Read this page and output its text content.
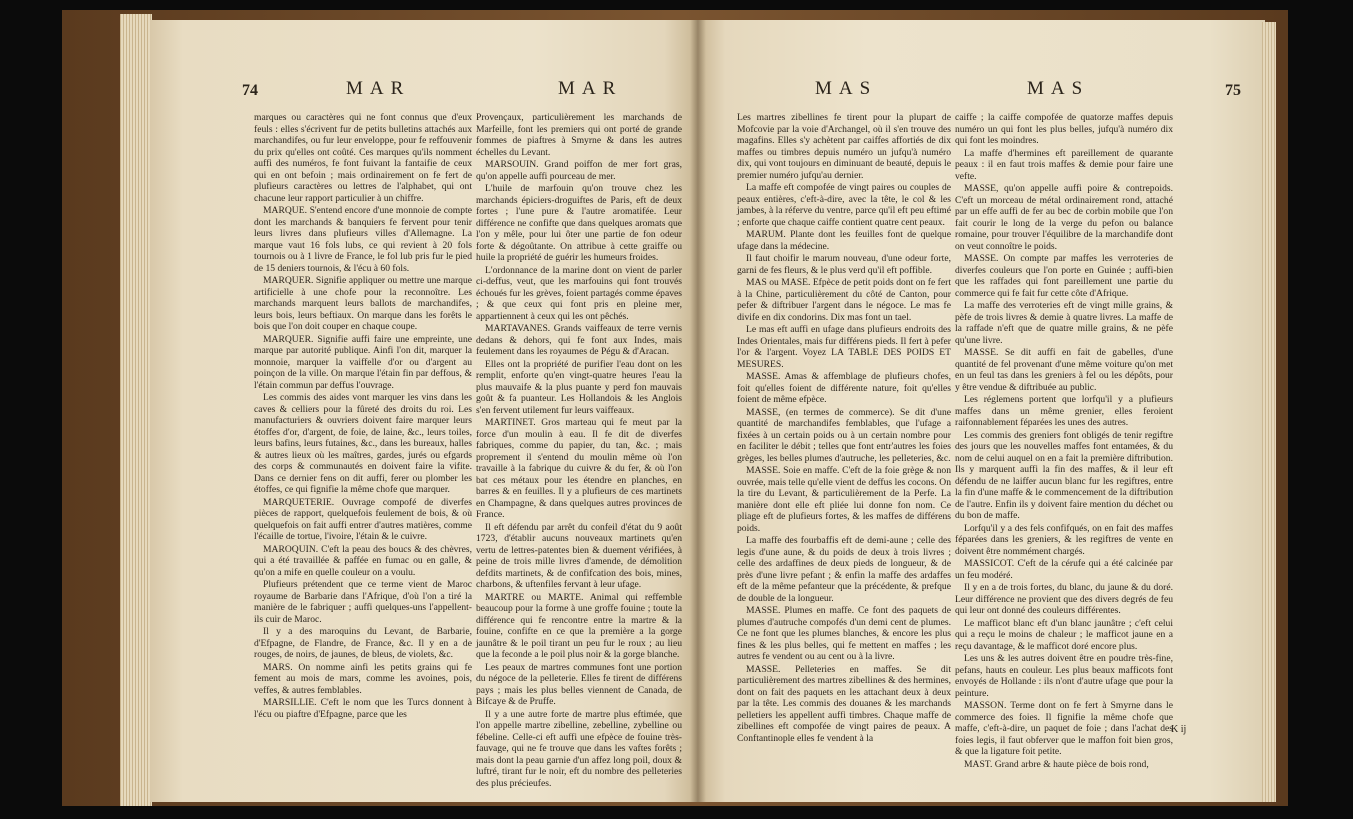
74	MAR	MAR

marques ou caractères qui ne font connus que d'eux feuls : elles s'écrivent fur de petits bulletins attachés aux marchandifes, ou fur leur enveloppe, pour fe reffouvenir du prix qu'elles ont coûté. Ces marques qu'ils nomment auffi des numéros, fe font fuivant la fantaifie de ceux qui en ont befoin ; mais ordinairement on fe fert de plufieurs caractères ou lettres de l'alphabet, qui ont chacune leur rapport particulier à un chiffre.

MARQUE. S'entend encore d'une monnoie de compte dont les marchands & banquiers fe fervent pour tenir leurs livres dans plufieurs villes d'Allemagne. La marque vaut 16 fols lubs, ce qui revient à 20 fols tournois ou à 1 livre de France, le fol lub pris fur le pied de 15 deniers tournois, & l'écu à 60 fols.

MARQUER. Signifie appliquer ou mettre une marque artificielle à une chofe pour la reconnoître. Les marchands marquent leurs ballots de marchandifes, leurs bois, leurs beftiaux. On marque dans les forêts le bois que l'on doit couper en chaque coupe.

MARQUER. Signifie auffi faire une empreinte, une marque par autorité publique. Ainfi l'on dit, marquer la monnoie, marquer la vaiffelle d'or ou d'argent au poinçon de la ville. On marque l'étain fin par deffous, & l'étain commun par deffus l'ouvrage.

Les commis des aides vont marquer les vins dans les caves & celliers pour la fûreté des droits du roi. Les manufacturiers & ouvriers doivent faire marquer leurs étoffes d'or, d'argent, de foie, de laine, &c., leurs toiles, leurs bafins, leurs futaines, &c., dans les bureaux, halles & autres lieux où les maîtres, gardes, jurés ou efgards des corps & communautés en doivent faire la vifite. Dans ce dernier fens on dit auffi, ferer ou plomber les étoffes, ce qui fignifie la même chofe que marquer.

MARQUETERIE. Ouvrage compofé de diverfes pièces de rapport, quelquefois feulement de bois, & où quelquefois on fait auffi entrer d'autres matières, comme l'écaille de tortue, l'ivoire, l'étain & le cuivre.

MAROQUIN. C'eft la peau des boucs & des chèvres, qui a été travaillée & paffée en fumac ou en galle, & qu'on a mife en quelle couleur on a voulu.

Plufieurs prétendent que ce terme vient de Maroc royaume de Barbarie dans l'Afrique, d'où l'on a tiré la manière de le fabriquer ; auffi quelques-uns l'appellent-ils cuir de Maroc.

Il y a des maroquins du Levant, de Barbarie, d'Efpagne, de Flandre, de France, &c. Il y en a de rouges, de noirs, de jaunes, de bleus, de violets, &c.

MARS. On nomme ainfi les petits grains qui fe fement au mois de mars, comme les avoines, pois, veffes, & autres femblables.

MARSILLIE. C'eft le nom que les Turcs donnent à l'écu ou piaftre d'Efpagne, parce que les

Provençaux, particulièrement les marchands de Marfeille, font les premiers qui ont porté de grande fommes de piaftres à Smyrne & dans les autres échelles du Levant.

MARSOUIN. Grand poiffon de mer fort gras, qu'on appelle auffi pourceau de mer.

L'huile de marfouin qu'on trouve chez les marchands épiciers-droguiftes de Paris, eft de deux fortes ; l'une pure & l'autre aromatifée. Leur différence ne confifte que dans quelques aromats que l'on y mêle, pour lui ôter une partie de fon odeur forte & dégoûtante. On attribue à cette graiffe ou huile la propriété de guérir les humeurs froides.

L'ordonnance de la marine dont on vient de parler ci-deffus, veut, que les marfouins qui font trouvés échoués fur les grèves, foient partagés comme épaves ; & que ceux qui font pris en pleine mer, appartiennent à ceux qui les ont pêchés.

MARTAVANES. Grands vaiffeaux de terre vernis dedans & dehors, qui fe font aux Indes, mais feulement dans les royaumes de Pégu & d'Aracan.

Elles ont la propriété de purifier l'eau dont on les remplit, enforte qu'en vingt-quatre heures l'eau la plus mauvaife & la plus puante y perd fon mauvais goût & fa puanteur. Les Hollandois & les Anglois s'en fervent utilement fur leurs vaiffeaux.

MARTINET. Gros marteau qui fe meut par la force d'un moulin à eau. Il fe dit de diverfes fabriques, comme du papier, du tan, &c. ; mais proprement il s'entend du moulin même où l'on travaille à la fabrique du cuivre & du fer, & où l'on bat ces métaux pour les étendre en planches, en barres & en feuilles. Il y a plufieurs de ces martinets en Champagne, & dans quelques autres provinces de France.

Il eft défendu par arrêt du confeil d'état du 9 août 1723, d'établir aucuns nouveaux martinets qu'en vertu de lettres-patentes bien & duement vérifiées, à peine de trois mille livres d'amende, de démolition defdits martinets, & de confifcation des bois, mines, charbons, & uftenfiles fervant à leur ufage.

MARTRE ou MARTE. Animal qui reffemble beaucoup pour la forme à une groffe fouine ; toute la différence qui fe rencontre entre la martre & la fouine, confifte en ce que la première a la gorge jaunâtre & le poil tirant un peu fur le roux ; au lieu que la feconde a le poil plus noir & la gorge blanche.

Les peaux de martres communes font une portion du négoce de la pelleterie. Elles fe tirent de différens pays ; mais les plus belles viennent de Canada, de Bifcaye & de Pruffe.

Il y a une autre forte de martre plus eftimée, que l'on appelle martre zibelline, zebelline, zybelline ou fébeline. Celle-ci eft auffi une efpèce de fouine très-fauvage, qui ne fe trouve que dans les vaftes forêts ; mais dont la peau garnie d'un affez long poil, doux & luftré, tirant fur le noir, eft du nombre des pelleteries des plus précieufes.

MAS	MAS	75

Les martres zibellines fe tirent pour la plupart de Mofcovie par la voie d'Archangel, où il s'en trouve des magafins. Elles s'y achètent par caiffes affortiés de dix maffes ou timbres depuis numéro un jufqu'à numéro dix, qui vont toujours en diminuant de beauté, depuis le premier numéro jufqu'au dernier.

La maffe eft compofée de vingt paires ou couples de peaux entières, c'eft-à-dire, avec la tête, le col & les jambes, à la réferve du ventre, parce qu'il eft peu eftimé ; enforte que chaque caiffe contient quatre cent peaux.

MARUM. Plante dont les feuilles font de quelque ufage dans la médecine.

Il faut choifir le marum nouveau, d'une odeur forte, garni de fes fleurs, & le plus verd qu'il eft poffible.

MAS ou MASE. Efpèce de petit poids dont on fe fert à la Chine, particulièrement du côté de Canton, pour pefer & diftribuer l'argent dans le négoce. Le mas fe divife en dix condorins. Dix mas font un tael.

Le mas eft auffi en ufage dans plufieurs endroits des Indes Orientales, mais fur différens pieds. Il fert à pefer l'or & l'argent. Voyez LA TABLE DES POIDS ET MESURES.

MASSE. Amas & affemblage de plufieurs chofes, foit qu'elles foient de différente nature, foit qu'elles foient de même efpèce.

MASSE, (en termes de commerce). Se dit d'une quantité de marchandifes femblables, que l'ufage a fixées à un certain poids ou à un certain nombre pour en faciliter le débit ; telles que font entr'autres les foies grèges, les belles plumes d'autruche, les pelleteries, &c.

MASSE. Soie en maffe. C'eft de la foie grège & non ouvrée, mais telle qu'elle vient de deffus les cocons. On la tire du Levant, & particulièrement de la Perfe. La manière dont elle eft pliée lui donne fon nom. Ce pliage eft de plufieurs fortes, & les maffes de différens poids.

La maffe des fourbaffis eft de demi-aune ; celle des legis d'une aune, & du poids de deux à trois livres ; celle des ardaffines de deux pieds de longueur, & de près d'une livre pefant ; & enfin la maffe des ardaffes eft de la même pefanteur que la précédente, & prefque de double de la longueur.

MASSE. Plumes en maffe. Ce font des paquets de plumes d'autruche compofés d'un demi cent de plumes. Ce ne font que les plumes blanches, & encore les plus fines & les plus belles, qui fe mettent en maffes ; les autres fe vendent ou au cent ou à la livre.

MASSE. Pelleteries en maffes. Se dit particulièrement des martres zibellines & des hermines, dont on fait des paquets en les attachant deux à deux par la tête. Les commis des douanes & les marchands pelletiers les appellent auffi timbres. Chaque maffe de zibellines eft compofée de vingt paires de peaux. A Conftantinople elles fe vendent à la

caiffe ; la caiffe compofée de quatorze maffes depuis numéro un qui font les plus belles, jufqu'à numéro dix qui font les moindres.

La maffe d'hermines eft pareillement de quarante peaux : il en faut trois maffes & demie pour faire une vefte.

MASSE, qu'on appelle auffi poire & contrepoids. C'eft un morceau de métal ordinairement rond, attaché par un effe auffi de fer au bec de corbin mobile que l'on fait courir le long de la verge du pefon ou balance romaine, pour trouver l'équilibre de la marchandife dont on veut connoître le poids.

MASSE. On compte par maffes les verroteries de diverfes couleurs que l'on porte en Guinée ; auffi-bien que les raffades qui font pareillement une partie du commerce qui fe fait fur cette côte d'Afrique.

La maffe des verroteries eft de vingt mille grains, & pèfe de trois livres & demie à quatre livres. La maffe de la raffade n'eft que de quatre mille grains, & ne pèfe qu'une livre.

MASSE. Se dit auffi en fait de gabelles, d'une quantité de fel provenant d'une même voiture qu'on met en un feul tas dans les greniers à fel ou les dépôts, pour y être vendue & diftribuée au public.

Les réglemens portent que lorfqu'il y a plufieurs maffes dans un même grenier, elles feroient raifonnablement féparées les unes des autres.

Les commis des greniers font obligés de tenir regiftre des jours que les nouvelles maffes font entamées, & du nom de celui auquel on en a fait la première diftribution. Ils y marquent auffi la fin des maffes, & il leur eft défendu de ne laiffer aucun blanc fur les regiftres, entre la fin d'une maffe & le commencement de la diftribution de l'autre. Enfin ils y doivent faire mention du déchet ou du bon de maffe.

Lorfqu'il y a des fels confifqués, on en fait des maffes féparées dans les greniers, & les regiftres de vente en doivent être nommément chargés.

MASSICOT. C'eft de la cérufe qui a été calcinée par un feu modéré.

Il y en a de trois fortes, du blanc, du jaune & du doré. Leur différence ne provient que des divers degrés de feu qui leur ont donné des couleurs différentes.

Le mafficot blanc eft d'un blanc jaunâtre ; c'eft celui qui a reçu le moins de chaleur ; le mafficot jaune en a reçu davantage, & le mafficot doré encore plus.

Les uns & les autres doivent être en poudre très-fine, pefans, hauts en couleur. Les plus beaux mafficots font envoyés de Hollande : ils n'ont d'autre ufage que pour la peinture.

MASSON. Terme dont on fe fert à Smyrne dans le commerce des foies. Il fignifie la même chofe que maffe, c'eft-à-dire, un paquet de foie ; dans l'achat des foies legis, il faut obferver que le maffon foit bien gros, & que la ligature foit petite.

MAST. Grand arbre & haute pièce de bois rond,

K ij
